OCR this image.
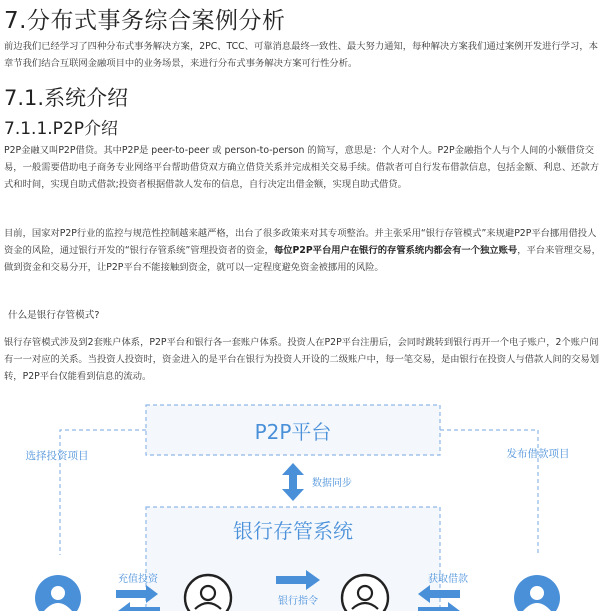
7.分布式事务综合案例分析

前边我们已经学习了四种分布式事务解决方案，2PC、TCC、可靠消息最终一致性、最大努力通知，每种解决方案我们通过案例开发进行学习，本章节我们结合互联网金融项目中的业务场景，来进行分布式事务解决方案可行性分析。

7.1.系统介绍
7.1.1.P2P介绍

P2P金融又叫P2P借贷。其中P2P是 peer-to-peer 或 person-to-person 的简写，意思是：个人对个人。P2P金融指个人与个人间的小额借贷交易，一般需要借助电子商务专业网络平台帮助借贷双方确立借贷关系并完成相关交易手续。借款者可自行发布借款信息，包括金额、利息、还款方式和时间，实现自助式借款;投资者根据借款人发布的信息，自行决定出借金额，实现自助式借贷。

目前，国家对P2P行业的监控与规范性控制越来越严格，出台了很多政策来对其专项整治。并主张采用“银行存管模式”来规避P2P平台挪用借投人资金的风险，通过银行开发的“银行存管系统”管理投资者的资金，每位P2P平台用户在银行的存管系统内都会有一个独立账号，平台来管理交易，做到资金和交易分开，让P2P平台不能接触到资金，就可以一定程度避免资金被挪用的风险。

什么是银行存管模式?

银行存管模式涉及到2套账户体系，P2P平台和银行各一套账户体系。投资人在P2P平台注册后，会同时跳转到银行再开一个电子账户，2个账户间有一一对应的关系。当投资人投资时，资金进入的是平台在银行为投资人开设的二级账户中，每一笔交易，是由银行在投资人与借款人间的交易划转，P2P平台仅能看到信息的流动。

P2P平台
银行存管系统
选择投资项目	发布借款项目
数据同步
充值投资
银行指令
获取借款
